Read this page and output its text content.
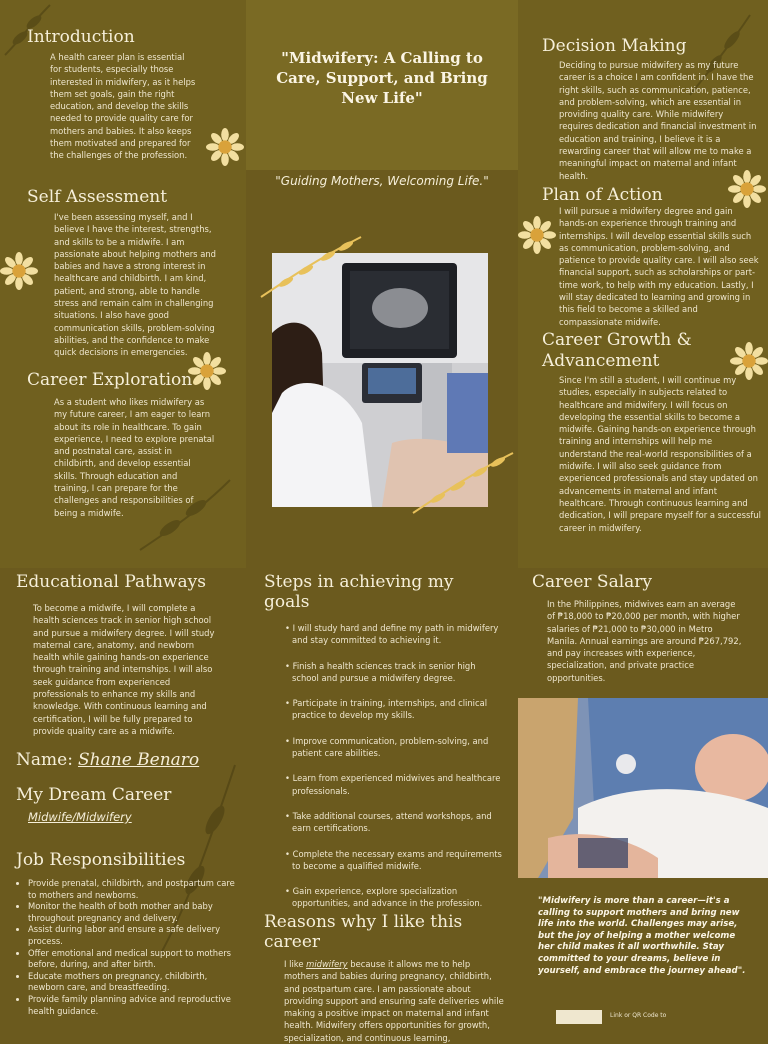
"Midwifery: A Calling to Care, Support, and Bring New Life"
"Guiding Mothers, Welcoming Life."
Introduction

A health career plan is essential for students, especially those interested in midwifery, as it helps them set goals, gain the right education, and develop the skills needed to provide quality care for mothers and babies. It also keeps them motivated and prepared for the challenges of the profession.

Self Assessment

I've been assessing myself, and I believe I have the interest, strengths, and skills to be a midwife. I am passionate about helping mothers and babies and have a strong interest in healthcare and childbirth. I am kind, patient, and strong, able to handle stress and remain calm in challenging situations. I also have good communication skills, problem-solving abilities, and the confidence to make quick decisions in emergencies.

Career Exploration

As a student who likes midwifery as my future career, I am eager to learn about its role in healthcare. To gain experience, I need to explore prenatal and postnatal care, assist in childbirth, and develop essential skills. Through education and training, I can prepare for the challenges and responsibilities of being a midwife.

Decision Making

Deciding to pursue midwifery as my future career is a choice I am confident in. I have the right skills, such as communication, patience, and problem-solving, which are essential in providing quality care. While midwifery requires dedication and financial investment in education and training, I believe it is a rewarding career that will allow me to make a meaningful impact on maternal and infant health.

Plan of Action

I will pursue a midwifery degree and gain hands-on experience through training and internships. I will develop essential skills such as communication, problem-solving, and patience to provide quality care. I will also seek financial support, such as scholarships or part-time work, to help with my education. Lastly, I will stay dedicated to learning and growing in this field to become a skilled and compassionate midwife.

Career Growth &
Advancement

Since I'm still a student, I will continue my studies, especially in subjects related to healthcare and midwifery. I will focus on developing the essential skills to become a midwife. Gaining hands-on experience through training and internships will help me understand the real-world responsibilities of a midwife. I will also seek guidance from experienced professionals and stay updated on advancements in maternal and infant healthcare. Through continuous learning and dedication, I will prepare myself for a successful career in midwifery.

Educational Pathways

To become a midwife, I will complete a health sciences track in senior high school and pursue a midwifery degree. I will study maternal care, anatomy, and newborn health while gaining hands-on experience through training and internships. I will also seek guidance from experienced professionals to enhance my skills and knowledge. With continuous learning and certification, I will be fully prepared to provide quality care as a midwife.

Name: Shane Benaro
My Dream Career
Midwife/Midwifery
Job Responsibilities
• Provide prenatal, childbirth, and postpartum care to mothers and newborns.
• Monitor the health of both mother and baby throughout pregnancy and delivery.
• Assist during labor and ensure a safe delivery process.
• Offer emotional and medical support to mothers before, during, and after birth.
• Educate mothers on pregnancy, childbirth, newborn care, and breastfeeding.
• Provide family planning advice and reproductive health guidance.
Steps in achieving my goals
• I will study hard and define my path in midwifery and stay committed to achieving it.
• Finish a health sciences track in senior high school and pursue a midwifery degree.
• Participate in training, internships, and clinical practice to develop my skills.
• Improve communication, problem-solving, and patient care abilities.
• Learn from experienced midwives and healthcare professionals.
• Take additional courses, attend workshops, and earn certifications.
• Complete the necessary exams and requirements to become a qualified midwife.
• Gain experience, explore specialization opportunities, and advance in the profession.
Reasons why I like this career

I like midwifery because it allows me to help mothers and babies during pregnancy, childbirth, and postpartum care. I am passionate about providing support and ensuring safe deliveries while making a positive impact on maternal and infant health. Midwifery offers opportunities for growth, specialization, and continuous learning,

Career Salary

In the Philippines, midwives earn an average of ₱18,000 to ₱20,000 per month, with higher salaries of ₱21,000 to ₱30,000 in Metro Manila. Annual earnings are around ₱267,792, and pay increases with experience, specialization, and private practice opportunities.

"Midwifery is more than a career—it's a calling to support mothers and bring new life into the world. Challenges may arise, but the joy of helping a mother welcome her child makes it all worthwhile. Stay committed to your dreams, believe in yourself, and embrace the journey ahead".
Link or QR Code to
